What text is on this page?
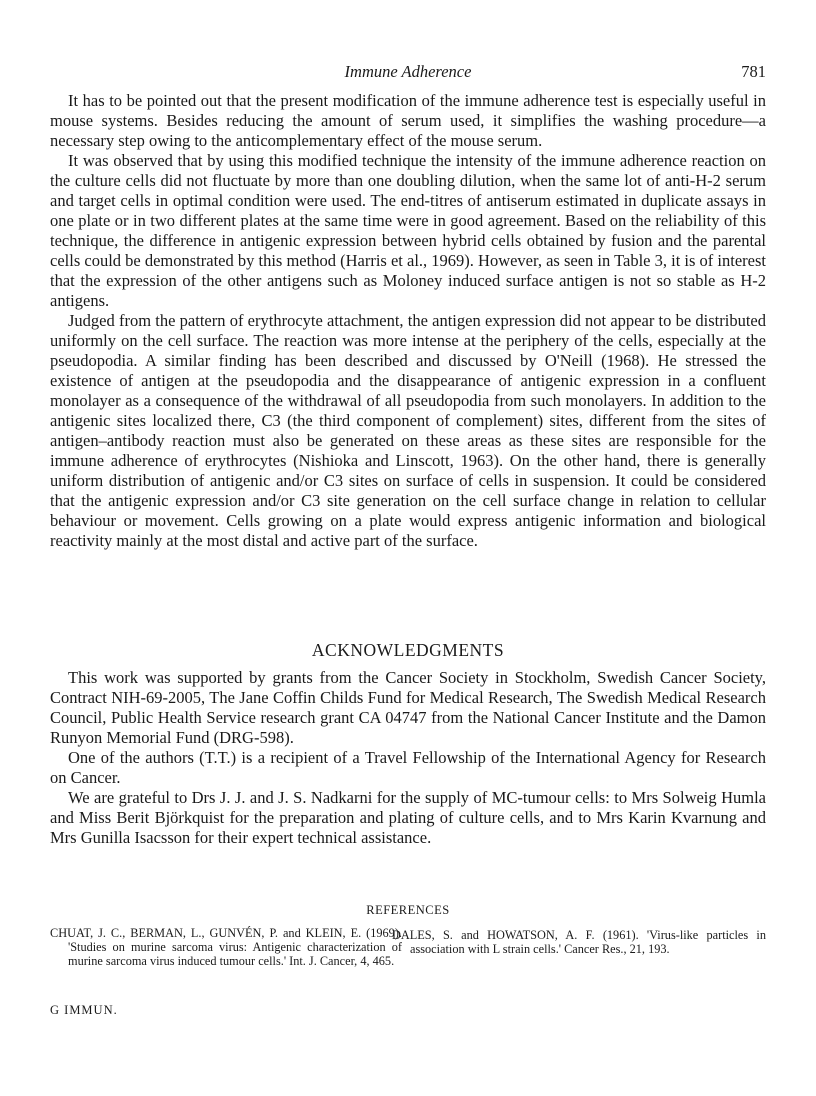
Immune Adherence	781

It has to be pointed out that the present modification of the immune adherence test is especially useful in mouse systems. Besides reducing the amount of serum used, it simplifies the washing procedure—a necessary step owing to the anticomplementary effect of the mouse serum.

It was observed that by using this modified technique the intensity of the immune adherence reaction on the culture cells did not fluctuate by more than one doubling dilution, when the same lot of anti-H-2 serum and target cells in optimal condition were used. The end-titres of antiserum estimated in duplicate assays in one plate or in two different plates at the same time were in good agreement. Based on the reliability of this technique, the difference in antigenic expression between hybrid cells obtained by fusion and the parental cells could be demonstrated by this method (Harris et al., 1969). However, as seen in Table 3, it is of interest that the expression of the other antigens such as Moloney induced surface antigen is not so stable as H-2 antigens.

Judged from the pattern of erythrocyte attachment, the antigen expression did not appear to be distributed uniformly on the cell surface. The reaction was more intense at the periphery of the cells, especially at the pseudopodia. A similar finding has been described and discussed by O'Neill (1968). He stressed the existence of antigen at the pseudopodia and the disappearance of antigenic expression in a confluent monolayer as a consequence of the withdrawal of all pseudopodia from such monolayers. In addition to the antigenic sites localized there, C3 (the third component of complement) sites, different from the sites of antigen–antibody reaction must also be generated on these areas as these sites are responsible for the immune adherence of erythrocytes (Nishioka and Linscott, 1963). On the other hand, there is generally uniform distribution of antigenic and/or C3 sites on surface of cells in suspension. It could be considered that the antigenic expression and/or C3 site generation on the cell surface change in relation to cellular behaviour or movement. Cells growing on a plate would express antigenic information and biological reactivity mainly at the most distal and active part of the surface.

ACKNOWLEDGMENTS

This work was supported by grants from the Cancer Society in Stockholm, Swedish Cancer Society, Contract NIH-69-2005, The Jane Coffin Childs Fund for Medical Research, The Swedish Medical Research Council, Public Health Service research grant CA 04747 from the National Cancer Institute and the Damon Runyon Memorial Fund (DRG-598).

One of the authors (T.T.) is a recipient of a Travel Fellowship of the International Agency for Research on Cancer.

We are grateful to Drs J. J. and J. S. Nadkarni for the supply of MC-tumour cells: to Mrs Solweig Humla and Miss Berit Björkquist for the preparation and plating of culture cells, and to Mrs Karin Kvarnung and Mrs Gunilla Isacsson for their expert technical assistance.

REFERENCES
CHUAT, J. C., BERMAN, L., GUNVÉN, P. and KLEIN, E. (1969). 'Studies on murine sarcoma virus: Antigenic characterization of murine sarcoma virus induced tumour cells.' Int. J. Cancer, 4, 465.
DALES, S. and HOWATSON, A. F. (1961). 'Virus-like particles in association with L strain cells.' Cancer Res., 21, 193.
G IMMUN.
